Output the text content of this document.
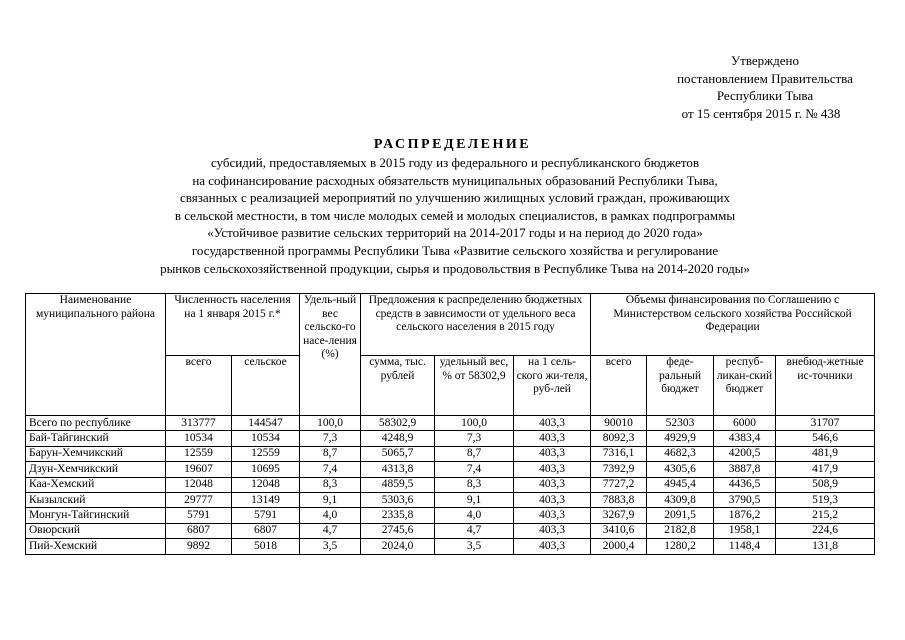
Утверждено
постановлением Правительства
Республики Тыва
от 15 сентября 2015 г. № 438
РАСПРЕДЕЛЕНИЕ
субсидий, предоставляемых в 2015 году из федерального и республиканского бюджетов
на софинансирование расходных обязательств муниципальных образований Республики Тыва,
связанных с реализацией мероприятий по улучшению жилищных условий граждан, проживающих
в сельской местности, в том числе молодых семей и молодых специалистов, в рамках подпрограммы
«Устойчивое развитие сельских территорий на 2014-2017 годы и на период до 2020 года»
государственной программы Республики Тыва «Развитие сельского хозяйства и регулирование
рынков сельскохозяйственной продукции, сырья и продовольствия в Республике Тыва на 2014-2020 годы»
Наименование муниципального района	Численность населения на 1 января 2015 г.*		Удель-ный вес сельско-го насе-ления (%)	Предложения к распределению бюджетных средств в зависимости от удельного веса сельского населения в 2015 году			Объемы финансирования по Соглашению с Министерством сельского хозяйства Российской Федерации			
	всего	сельское		сумма, тыс. рублей	удельный вес, % от 58302,9	на 1 сель-ского жи-теля, руб-лей	всего	феде-ральный бюджет	респуб-ликан-ский бюджет	внебюд-жетные ис-точники
Всего по республике	313777	144547	100,0	58302,9	100,0	403,3	90010	52303	6000	31707
Бай-Тайгинский	10534	10534	7,3	4248,9	7,3	403,3	8092,3	4929,9	4383,4	546,6
Барун-Хемчикский	12559	12559	8,7	5065,7	8,7	403,3	7316,1	4682,3	4200,5	481,9
Дзун-Хемчикский	19607	10695	7,4	4313,8	7,4	403,3	7392,9	4305,6	3887,8	417,9
Каа-Хемский	12048	12048	8,3	4859,5	8,3	403,3	7727,2	4945,4	4436,5	508,9
Кызылский	29777	13149	9,1	5303,6	9,1	403,3	7883,8	4309,8	3790,5	519,3
Монгун-Тайгинский	5791	5791	4,0	2335,8	4,0	403,3	3267,9	2091,5	1876,2	215,2
Овюрский	6807	6807	4,7	2745,6	4,7	403,3	3410,6	2182,8	1958,1	224,6
Пий-Хемский	9892	5018	3,5	2024,0	3,5	403,3	2000,4	1280,2	1148,4	131,8
